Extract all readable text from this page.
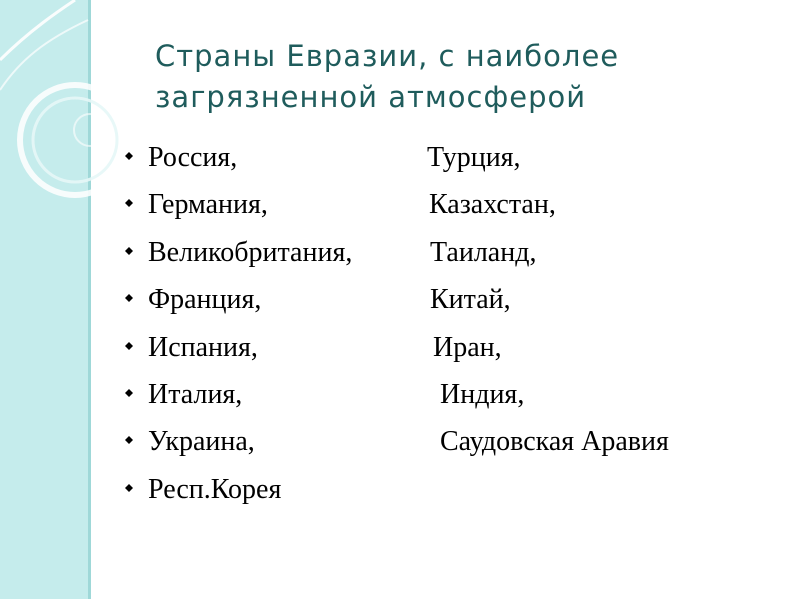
Страны Евразии, с наиболее
загрязненной атмосферой
Россия,	Турция,
Германия,	Казахстан,
Великобритания,	Таиланд,
Франция,	Китай,
Испания,	Иран,
Италия,	Индия,
Украина,	Саудовская Аравия
Респ.Корея
